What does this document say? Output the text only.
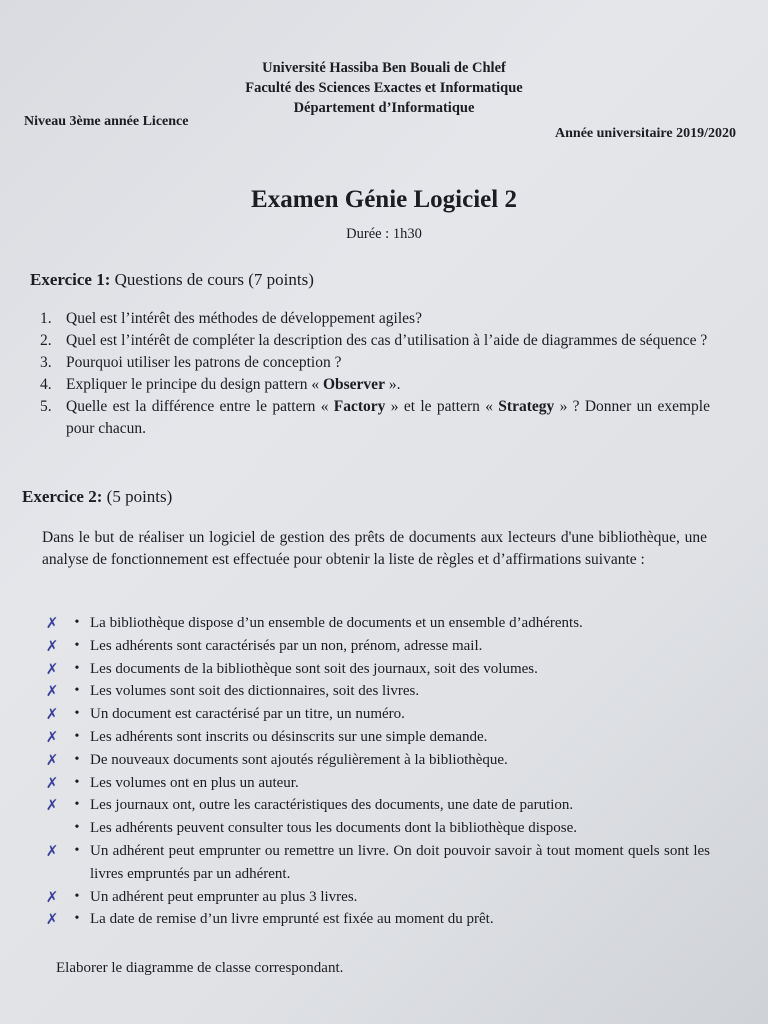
Université Hassiba Ben Bouali de Chlef
Faculté des Sciences Exactes et Informatique
Département d’Informatique
Niveau 3ème année Licence
Année universitaire 2019/2020
Examen Génie Logiciel 2
Durée : 1h30
Exercice 1: Questions de cours (7 points)
1. Quel est l’intérêt des méthodes de développement agiles?
2. Quel est l’intérêt de compléter la description des cas d’utilisation à l’aide de diagrammes de séquence ?
3. Pourquoi utiliser les patrons de conception ?
4. Expliquer le principe du design pattern « Observer ».
5. Quelle est la différence entre le pattern « Factory » et le pattern « Strategy » ? Donner un exemple pour chacun.
Exercice 2: (5 points)
Dans le but de réaliser un logiciel de gestion des prêts de documents aux lecteurs d'une bibliothèque, une analyse de fonctionnement est effectuée pour obtenir la liste de règles et d’affirmations suivante :
✗	• La bibliothèque dispose d’un ensemble de documents et un ensemble d’adhérents.
✗	• Les adhérents sont caractérisés par un non, prénom, adresse mail.
✗	• Les documents de la bibliothèque sont soit des journaux, soit des volumes.
✗	• Les volumes sont soit des dictionnaires, soit des livres.
✗	• Un document est caractérisé par un titre, un numéro.
✗	• Les adhérents sont inscrits ou désinscrits sur une simple demande.
✗	• De nouveaux documents sont ajoutés régulièrement à la bibliothèque.
✗	• Les volumes ont en plus un auteur.
✗	• Les journaux ont, outre les caractéristiques des documents, une date de parution.
• Les adhérents peuvent consulter tous les documents dont la bibliothèque dispose.
✗	• Un adhérent peut emprunter ou remettre un livre. On doit pouvoir savoir à tout moment quels sont les livres empruntés par un adhérent.
✗	• Un adhérent peut emprunter au plus 3 livres.
✗	• La date de remise d’un livre emprunté est fixée au moment du prêt.
Elaborer le diagramme de classe correspondant.
